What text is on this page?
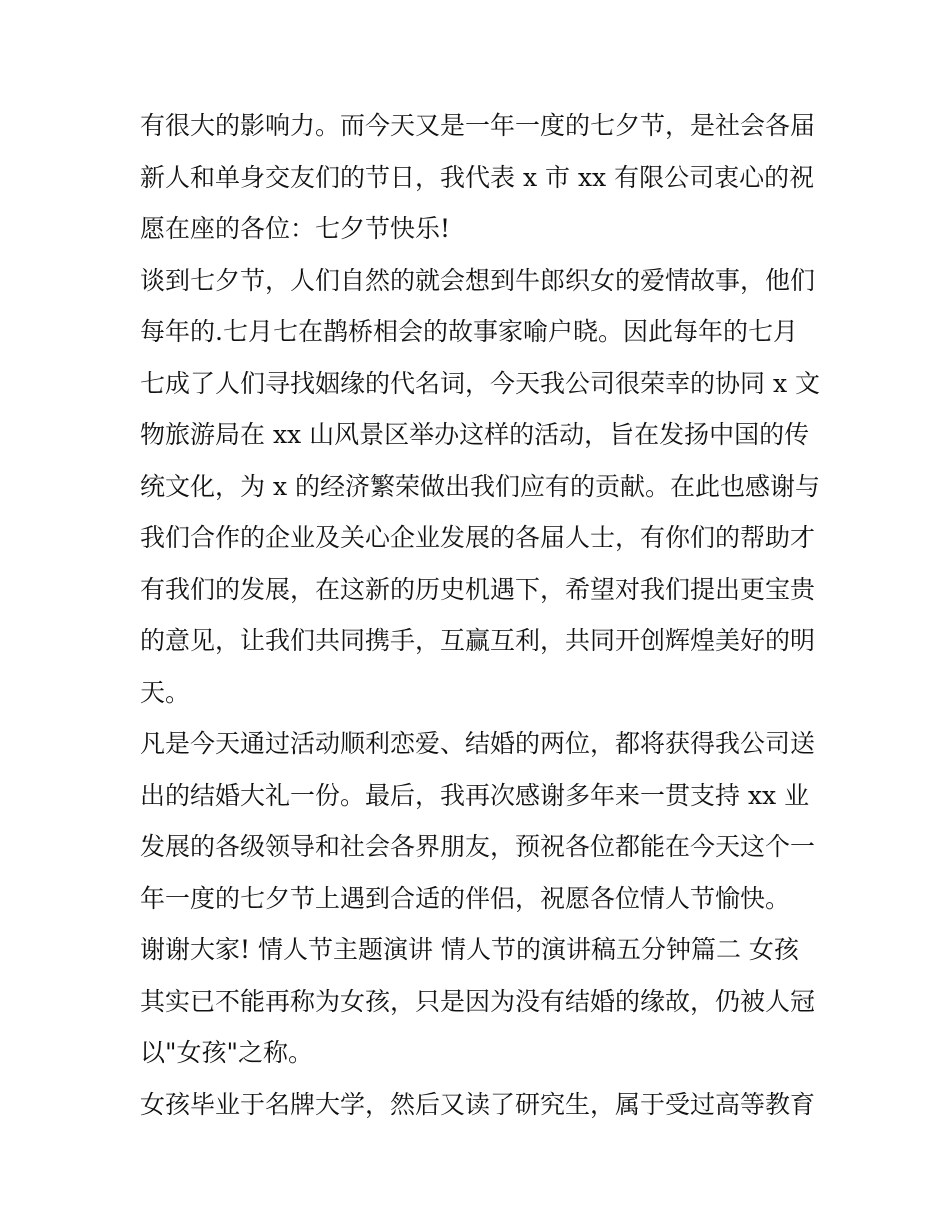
有很大的影响力。而今天又是一年一度的七夕节，是社会各届
新人和单身交友们的节日，我代表 x 市 xx 有限公司衷心的祝
愿在座的各位：七夕节快乐!
谈到七夕节，人们自然的就会想到牛郎织女的爱情故事，他们
每年的.七月七在鹊桥相会的故事家喻户晓。因此每年的七月
七成了人们寻找姻缘的代名词，今天我公司很荣幸的协同 x 文
物旅游局在 xx 山风景区举办这样的活动，旨在发扬中国的传
统文化，为 x 的经济繁荣做出我们应有的贡献。在此也感谢与
我们合作的企业及关心企业发展的各届人士，有你们的帮助才
有我们的发展，在这新的历史机遇下，希望对我们提出更宝贵
的意见，让我们共同携手，互赢互利，共同开创辉煌美好的明
天。
凡是今天通过活动顺利恋爱、结婚的两位，都将获得我公司送
出的结婚大礼一份。最后，我再次感谢多年来一贯支持 xx 业
发展的各级领导和社会各界朋友，预祝各位都能在今天这个一
年一度的七夕节上遇到合适的伴侣，祝愿各位情人节愉快。
谢谢大家! 情人节主题演讲 情人节的演讲稿五分钟篇二 女孩
其实已不能再称为女孩，只是因为没有结婚的缘故，仍被人冠
以"女孩"之称。
女孩毕业于名牌大学，然后又读了研究生，属于受过高等教育
